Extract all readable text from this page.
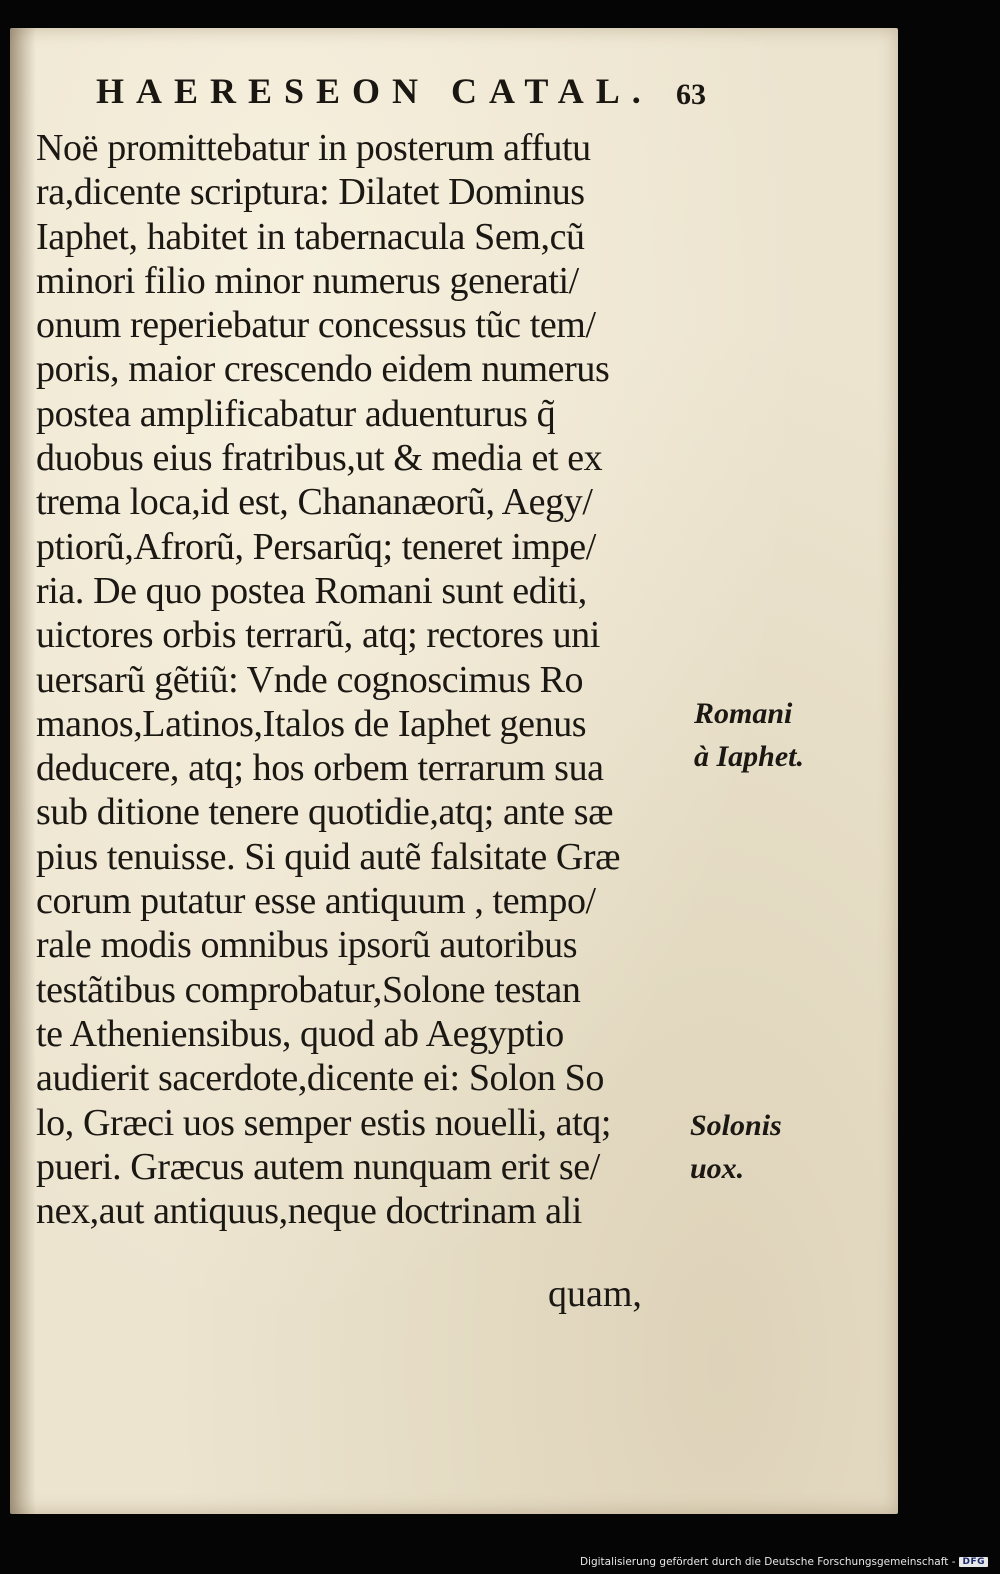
HAERESEON CATAL. 63
Noë promittebatur in posterum affutu
ra,dicente scriptura: Dilatet Dominus
Iaphet, habitet in tabernacula Sem,cũ
minori filio minor numerus generati/
onum reperiebatur concessus tũc tem/
poris, maior crescendo eidem numerus
postea amplificabatur aduenturus q̃
duobus eius fratribus,ut & media et ex
trema loca,id est, Chananæorũ, Aegy/
ptiorũ,Afrorũ, Persarũq; teneret impe/
ria. De quo postea Romani sunt editi,
uictores orbis terrarũ, atq; rectores uni
uersarũ gẽtiũ: Vnde cognoscimus Ro
manos,Latinos,Italos de Iaphet genus
deducere, atq; hos orbem terrarum sua
sub ditione tenere quotidie,atq; ante sæ
pius tenuisse. Si quid autẽ falsitate Græ
corum putatur esse antiquum , tempo/
rale modis omnibus ipsorũ autoribus
testãtibus comprobatur,Solone testan
te Atheniensibus, quod ab Aegyptio
audierit sacerdote,dicente ei: Solon So
lo, Græci uos semper estis nouelli, atq;
pueri. Græcus autem nunquam erit se/
nex,aut antiquus,neque doctrinam ali
quam,
Romani
à Iaphet.
Solonis
uox.
Digitalisierung gefördert durch die Deutsche Forschungsgemeinschaft - DFG
